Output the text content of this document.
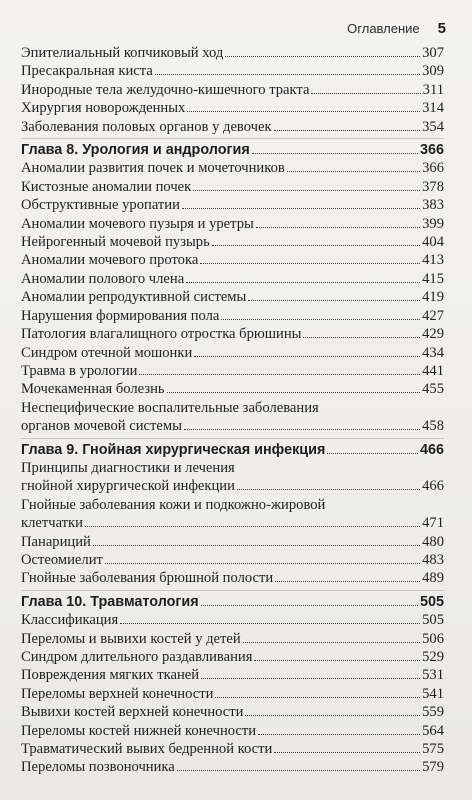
Оглавление 5
Эпителиальный копчиковый ход	307
Пресакральная киста	309
Инородные тела желудочно-кишечного тракта	311
Хирургия новорожденных	314
Заболевания половых органов у девочек	354
Глава 8. Урология и андрология	366
Аномалии развития почек и мочеточников	366
Кистозные аномалии почек	378
Обструктивные уропатии	383
Аномалии мочевого пузыря и уретры	399
Нейрогенный мочевой пузырь	404
Аномалии мочевого протока	413
Аномалии полового члена	415
Аномалии репродуктивной системы	419
Нарушения формирования пола	427
Патология влагалищного отростка брюшины	429
Синдром отечной мошонки	434
Травма в урологии	441
Мочекаменная болезнь	455
Неспецифические воспалительные заболевания
органов мочевой системы	458
Глава 9. Гнойная хирургическая инфекция	466
Принципы диагностики и лечения
гнойной хирургической инфекции	466
Гнойные заболевания кожи и подкожно-жировой
клетчатки	471
Панариций	480
Остеомиелит	483
Гнойные заболевания брюшной полости	489
Глава 10. Травматология	505
Классификация	505
Переломы и вывихи костей у детей	506
Синдром длительного раздавливания	529
Повреждения мягких тканей	531
Переломы верхней конечности	541
Вывихи костей верхней конечности	559
Переломы костей нижней конечности	564
Травматический вывих бедренной кости	575
Переломы позвоночника	579
